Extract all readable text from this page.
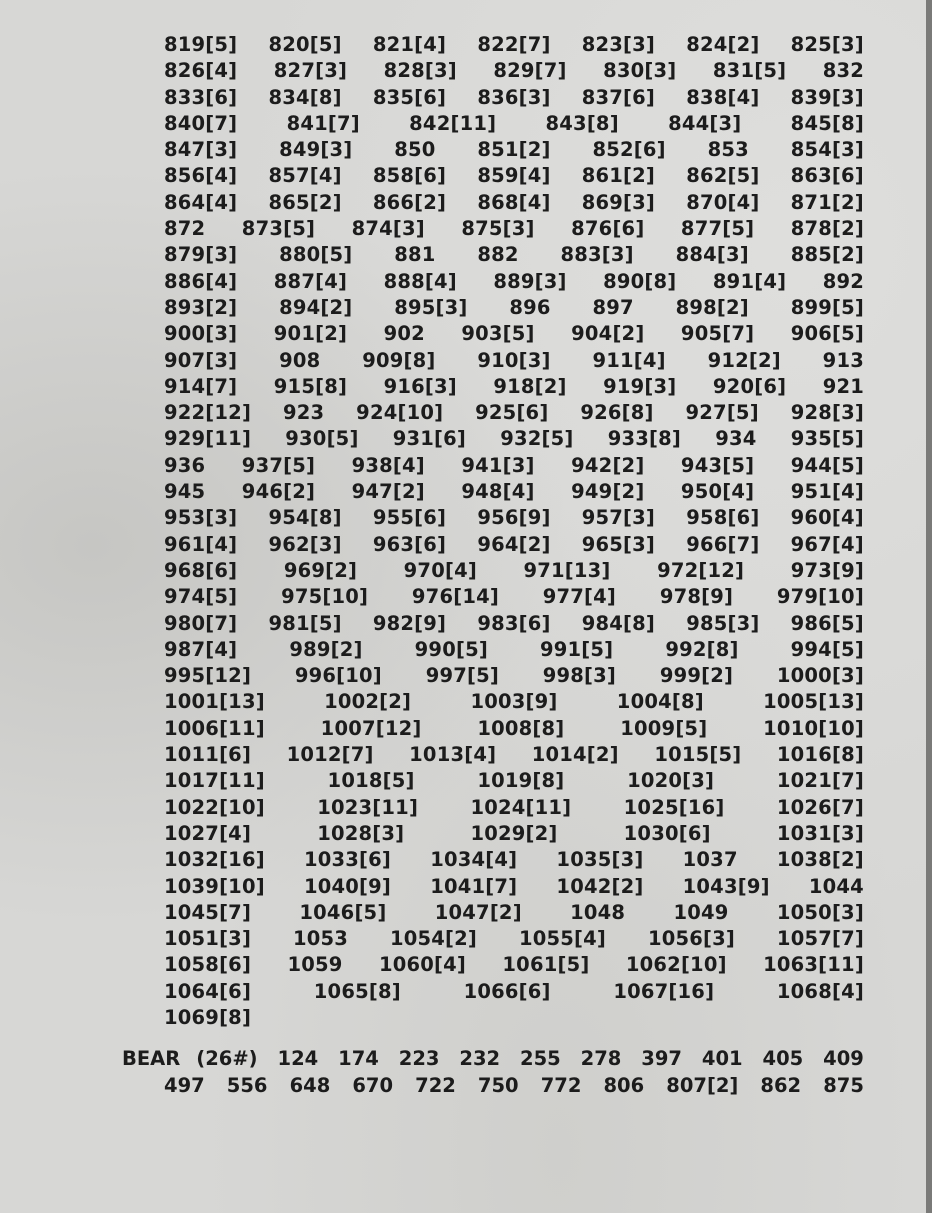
819[5] 820[5] 821[4] 822[7] 823[3] 824[2] 825[3]
826[4] 827[3] 828[3] 829[7] 830[3] 831[5] 832
833[6] 834[8] 835[6] 836[3] 837[6] 838[4] 839[3]
840[7]	841[7]	842[11]	843[8]	844[3]	845[8]
847[3] 849[3] 850 851[2] 852[6] 853 854[3]
856[4] 857[4] 858[6] 859[4] 861[2] 862[5] 863[6]
864[4] 865[2] 866[2] 868[4] 869[3] 870[4] 871[2]
872 873[5] 874[3] 875[3] 876[6] 877[5] 878[2]
879[3] 880[5] 881 882 883[3] 884[3] 885[2]
886[4] 887[4] 888[4] 889[3] 890[8] 891[4] 892
893[2] 894[2] 895[3] 896 897 898[2] 899[5]
900[3] 901[2] 902 903[5] 904[2] 905[7] 906[5]
907[3] 908 909[8] 910[3] 911[4] 912[2] 913
914[7] 915[8] 916[3] 918[2] 919[3] 920[6] 921
922[12] 923 924[10] 925[6] 926[8] 927[5] 928[3]
929[11] 930[5] 931[6] 932[5] 933[8] 934 935[5]
936 937[5] 938[4] 941[3] 942[2] 943[5] 944[5]
945 946[2] 947[2] 948[4] 949[2] 950[4] 951[4]
953[3] 954[8] 955[6] 956[9] 957[3] 958[6] 960[4]
961[4] 962[3] 963[6] 964[2] 965[3] 966[7] 967[4]
968[6] 969[2] 970[4] 971[13] 972[12] 973[9]
974[5] 975[10] 976[14] 977[4] 978[9] 979[10]
980[7] 981[5] 982[9] 983[6] 984[8] 985[3] 986[5]
987[4]	989[2]	990[5]	991[5]	992[8]	994[5]
995[12] 996[10] 997[5] 998[3] 999[2] 1000[3]
1001[13]	1002[2]	1003[9]	1004[8]	1005[13]
1006[11]	1007[12]	1008[8]	1009[5]	1010[10]
1011[6] 1012[7] 1013[4] 1014[2] 1015[5] 1016[8]
1017[11]	1018[5]	1019[8]	1020[3]	1021[7]
1022[10]	1023[11]	1024[11]	1025[16]	1026[7]
1027[4]	1028[3]	1029[2]	1030[6]	1031[3]
1032[16] 1033[6] 1034[4] 1035[3] 1037 1038[2]
1039[10] 1040[9] 1041[7] 1042[2] 1043[9] 1044
1045[7] 1046[5] 1047[2] 1048 1049 1050[3]
1051[3] 1053 1054[2] 1055[4] 1056[3] 1057[7]
1058[6] 1059 1060[4] 1061[5] 1062[10] 1063[11]
1064[6]	1065[8]	1066[6]	1067[16]	1068[4]
1069[8]
BEAR (26#) 124 174 223 232 255 278 397 401 405 409
497 556 648 670 722 750 772 806 807[2] 862 875
